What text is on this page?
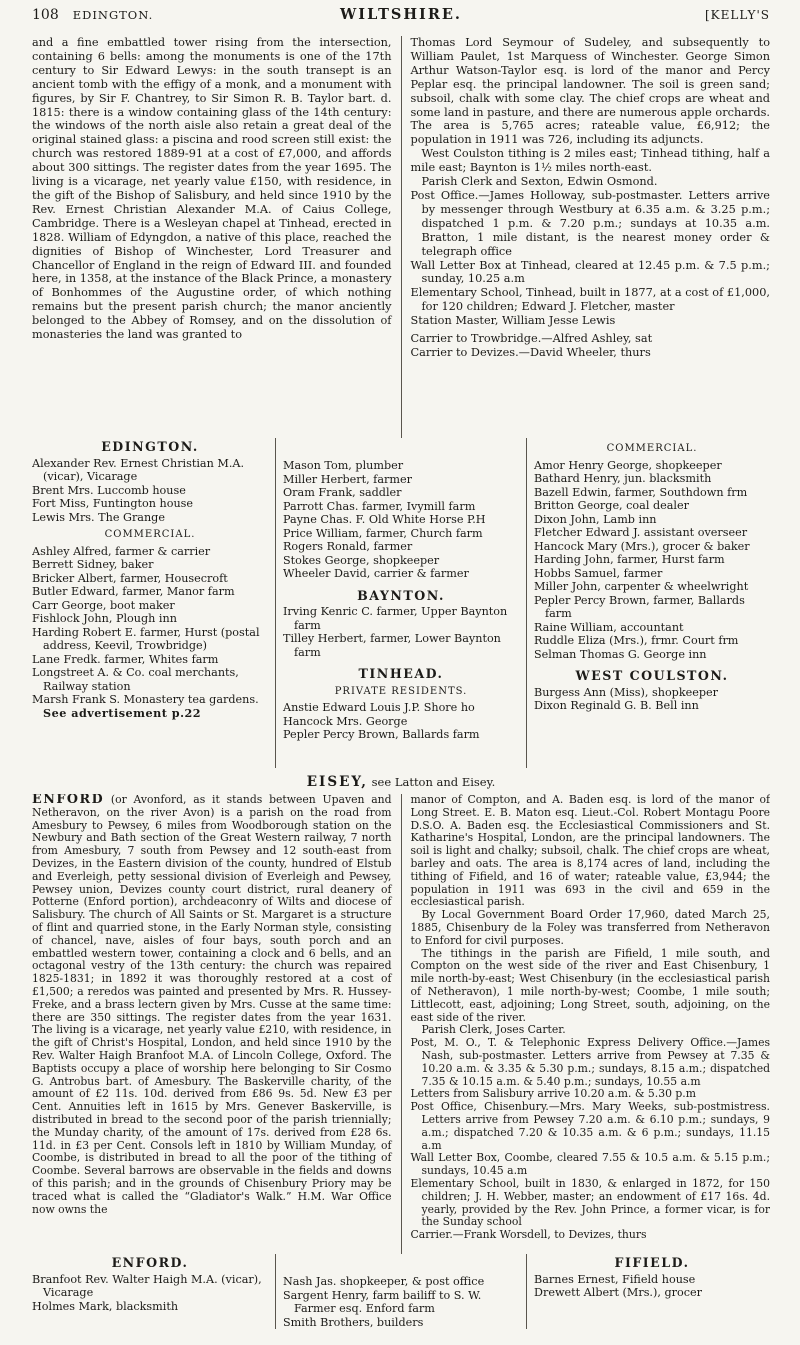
108 EDINGTON.	WILTSHIRE.	[KELLY'S

and a fine embattled tower rising from the intersection, containing 6 bells: among the monuments is one of the 17th century to Sir Edward Lewys: in the south transept is an ancient tomb with the effigy of a monk, and a monument with figures, by Sir F. Chantrey, to Sir Simon R. B. Taylor bart. d. 1815: there is a window containing glass of the 14th century: the windows of the north aisle also retain a great deal of the original stained glass: a piscina and rood screen still exist: the church was restored 1889-91 at a cost of £7,000, and affords about 300 sittings. The register dates from the year 1695. The living is a vicarage, net yearly value £150, with residence, in the gift of the Bishop of Salisbury, and held since 1910 by the Rev. Ernest Christian Alexander M.A. of Caius College, Cambridge. There is a Wesleyan chapel at Tinhead, erected in 1828. William of Edyngdon, a native of this place, reached the dignities of Bishop of Winchester, Lord Treasurer and Chancellor of England in the reign of Edward III. and founded here, in 1358, at the instance of the Black Prince, a monastery of Bonhommes of the Augustine order, of which nothing remains but the present parish church; the manor anciently belonged to the Abbey of Romsey, and on the dissolution of monasteries the land was granted to

Thomas Lord Seymour of Sudeley, and subsequently to William Paulet, 1st Marquess of Winchester. George Simon Arthur Watson-Taylor esq. is lord of the manor and Percy Peplar esq. the principal landowner. The soil is green sand; subsoil, chalk with some clay. The chief crops are wheat and some land in pasture, and there are numerous apple orchards. The area is 5,765 acres; rateable value, £6,912; the population in 1911 was 726, including its adjuncts.

West Coulston tithing is 2 miles east; Tinhead tithing, half a mile east; Baynton is 1½ miles north-east.

Parish Clerk and Sexton, Edwin Osmond.

Post Office.—James Holloway, sub-postmaster. Letters arrive by messenger through Westbury at 6.35 a.m. & 3.25 p.m.; dispatched 1 p.m. & 7.20 p.m.; sundays at 10.35 a.m. Bratton, 1 mile distant, is the nearest money order & telegraph office

Wall Letter Box at Tinhead, cleared at 12.45 p.m. & 7.5 p.m.; sunday, 10.25 a.m

Elementary School, Tinhead, built in 1877, at a cost of £1,000, for 120 children; Edward J. Fletcher, master

Station Master, William Jesse Lewis

Carrier to Trowbridge.—Alfred Ashley, sat

Carrier to Devizes.—David Wheeler, thurs

EDINGTON.
Alexander Rev. Ernest Christian M.A. (vicar), Vicarage
Brent Mrs. Luccomb house
Fort Miss, Funtington house
Lewis Mrs. The Grange
COMMERCIAL.
Ashley Alfred, farmer & carrier
Berrett Sidney, baker
Bricker Albert, farmer, Housecroft
Butler Edward, farmer, Manor farm
Carr George, boot maker
Fishlock John, Plough inn
Harding Robert E. farmer, Hurst (postal address, Keevil, Trowbridge)
Lane Fredk. farmer, Whites farm
Longstreet A. & Co. coal merchants, Railway station
Marsh Frank S. Monastery tea gardens. See advertisement p.22
Mason Tom, plumber
Miller Herbert, farmer
Oram Frank, saddler
Parrott Chas. farmer, Ivymill farm
Payne Chas. F. Old White Horse P.H
Price William, farmer, Church farm
Rogers Ronald, farmer
Stokes George, shopkeeper
Wheeler David, carrier & farmer
BAYNTON.
Irving Kenric C. farmer, Upper Baynton farm
Tilley Herbert, farmer, Lower Baynton farm
TINHEAD.
PRIVATE RESIDENTS.
Anstie Edward Louis J.P. Shore ho
Hancock Mrs. George
Pepler Percy Brown, Ballards farm
COMMERCIAL.
Amor Henry George, shopkeeper
Bathard Henry, jun. blacksmith
Bazell Edwin, farmer, Southdown frm
Britton George, coal dealer
Dixon John, Lamb inn
Fletcher Edward J. assistant overseer
Hancock Mary (Mrs.), grocer & baker
Harding John, farmer, Hurst farm
Hobbs Samuel, farmer
Miller John, carpenter & wheelwright
Pepler Percy Brown, farmer, Ballards farm
Raine William, accountant
Ruddle Eliza (Mrs.), frmr. Court frm
Selman Thomas G. George inn
WEST COULSTON.
Burgess Ann (Miss), shopkeeper
Dixon Reginald G. B. Bell inn
EISEY, see Latton and Eisey.

ENFORD (or Avonford, as it stands between Upaven and Netheravon, on the river Avon) is a parish on the road from Amesbury to Pewsey, 6 miles from Woodborough station on the Newbury and Bath section of the Great Western railway, 7 north from Amesbury, 7 south from Pewsey and 12 south-east from Devizes, in the Eastern division of the county, hundred of Elstub and Everleigh, petty sessional division of Everleigh and Pewsey, Pewsey union, Devizes county court district, rural deanery of Potterne (Enford portion), archdeaconry of Wilts and diocese of Salisbury. The church of All Saints or St. Margaret is a structure of flint and quarried stone, in the Early Norman style, consisting of chancel, nave, aisles of four bays, south porch and an embattled western tower, containing a clock and 6 bells, and an octagonal vestry of the 13th century: the church was repaired 1825-1831; in 1892 it was thoroughly restored at a cost of £1,500; a reredos was painted and presented by Mrs. R. Hussey-Freke, and a brass lectern given by Mrs. Cusse at the same time: there are 350 sittings. The register dates from the year 1631. The living is a vicarage, net yearly value £210, with residence, in the gift of Christ's Hospital, London, and held since 1910 by the Rev. Walter Haigh Branfoot M.A. of Lincoln College, Oxford. The Baptists occupy a place of worship here belonging to Sir Cosmo G. Antrobus bart. of Amesbury. The Baskerville charity, of the amount of £2 11s. 10d. derived from £86 9s. 5d. New £3 per Cent. Annuities left in 1615 by Mrs. Genever Baskerville, is distributed in bread to the second poor of the parish triennially; the Munday charity, of the amount of 17s. derived from £28 6s. 11d. in £3 per Cent. Consols left in 1810 by William Munday, of Coombe, is distributed in bread to all the poor of the tithing of Coombe. Several barrows are observable in the fields and downs of this parish; and in the grounds of Chisenbury Priory may be traced what is called the “Gladiator's Walk.” H.M. War Office now owns the

manor of Compton, and A. Baden esq. is lord of the manor of Long Street. E. B. Maton esq. Lieut.-Col. Robert Montagu Poore D.S.O. A. Baden esq. the Ecclesiastical Commissioners and St. Katharine's Hospital, London, are the principal landowners. The soil is light and chalky; subsoil, chalk. The chief crops are wheat, barley and oats. The area is 8,174 acres of land, including the tithing of Fifield, and 16 of water; rateable value, £3,944; the population in 1911 was 693 in the civil and 659 in the ecclesiastical parish.

By Local Government Board Order 17,960, dated March 25, 1885, Chisenbury de la Foley was transferred from Netheravon to Enford for civil purposes.

The tithings in the parish are Fifield, 1 mile south, and Compton on the west side of the river and East Chisenbury, 1 mile north-by-east; West Chisenbury (in the ecclesiastical parish of Netheravon), 1 mile north-by-west; Coombe, 1 mile south; Littlecott, east, adjoining; Long Street, south, adjoining, on the east side of the river.

Parish Clerk, Joses Carter.

Post, M. O., T. & Telephonic Express Delivery Office.—James Nash, sub-postmaster. Letters arrive from Pewsey at 7.35 & 10.20 a.m. & 3.35 & 5.30 p.m.; sundays, 8.15 a.m.; dispatched 7.35 & 10.15 a.m. & 5.40 p.m.; sundays, 10.55 a.m

Letters from Salisbury arrive 10.20 a.m. & 5.30 p.m

Post Office, Chisenbury.—Mrs. Mary Weeks, sub-postmistress. Letters arrive from Pewsey 7.20 a.m. & 6.10 p.m.; sundays, 9 a.m.; dispatched 7.20 & 10.35 a.m. & 6 p.m.; sundays, 11.15 a.m

Wall Letter Box, Coombe, cleared 7.55 & 10.5 a.m. & 5.15 p.m.; sundays, 10.45 a.m

Elementary School, built in 1830, & enlarged in 1872, for 150 children; J. H. Webber, master; an endowment of £17 16s. 4d. yearly, provided by the Rev. John Prince, a former vicar, is for the Sunday school

Carrier.—Frank Worsdell, to Devizes, thurs

ENFORD.
Branfoot Rev. Walter Haigh M.A. (vicar), Vicarage
Holmes Mark, blacksmith
Nash Jas. shopkeeper, & post office
Sargent Henry, farm bailiff to S. W. Farmer esq. Enford farm
Smith Brothers, builders
FIFIELD.
Barnes Ernest, Fifield house
Drewett Albert (Mrs.), grocer
